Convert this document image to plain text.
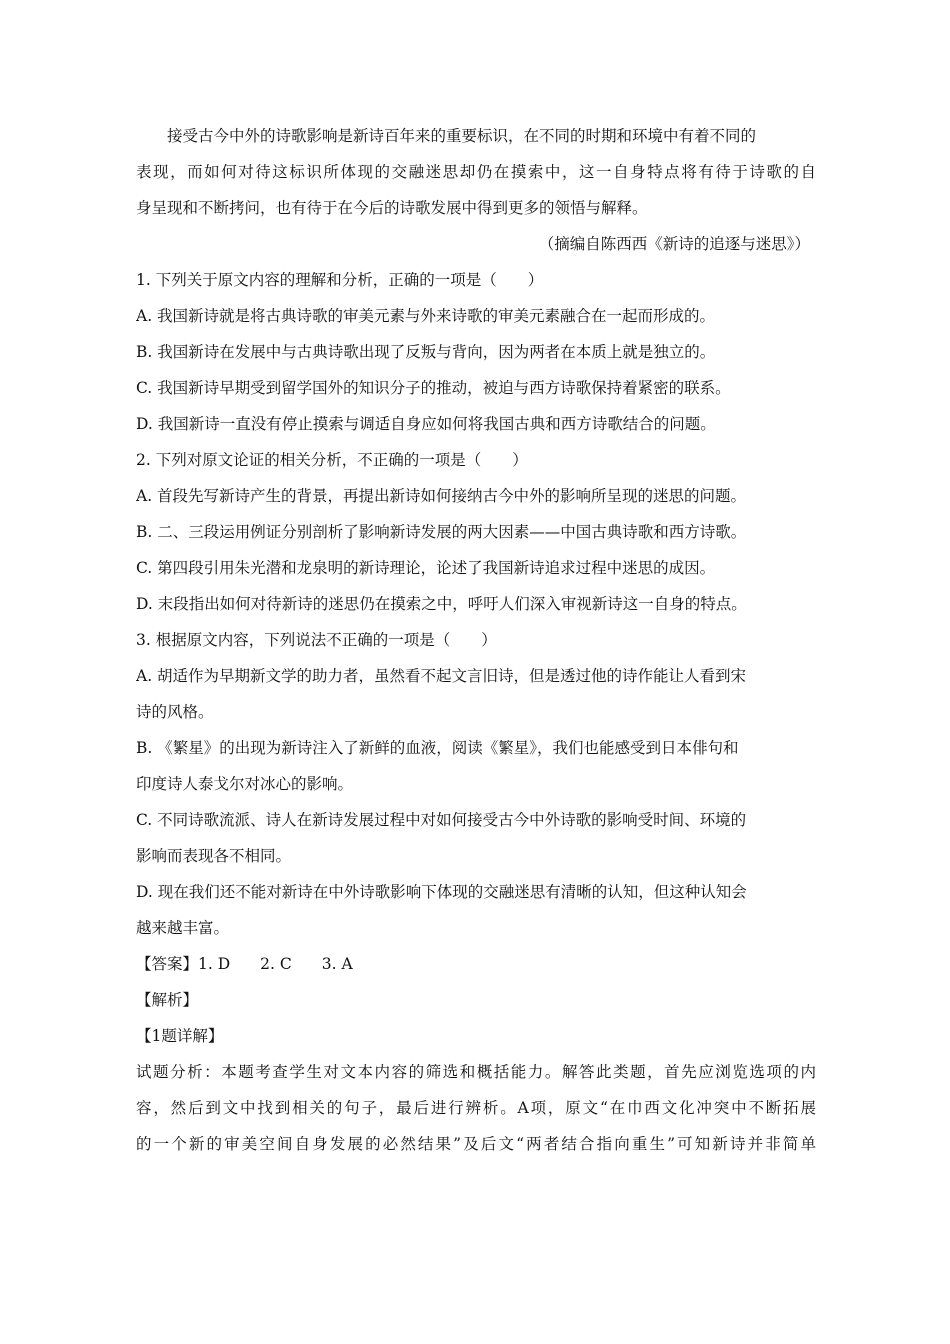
接受古今中外的诗歌影响是新诗百年来的重要标识，在不同的时期和环境中有着不同的
表现，而如何对待这标识所体现的交融迷思却仍在摸索中，这一自身特点将有待于诗歌的自
身呈现和不断拷问，也有待于在今后的诗歌发展中得到更多的领悟与解释。
（摘编自陈西西《新诗的追逐与迷思》）
1. 下列关于原文内容的理解和分析，正确的一项是（　　）
A. 我国新诗就是将古典诗歌的审美元素与外来诗歌的审美元素融合在一起而形成的。
B. 我国新诗在发展中与古典诗歌出现了反叛与背向，因为两者在本质上就是独立的。
C. 我国新诗早期受到留学国外的知识分子的推动，被迫与西方诗歌保持着紧密的联系。
D. 我国新诗一直没有停止摸索与调适自身应如何将我国古典和西方诗歌结合的问题。
2. 下列对原文论证的相关分析，不正确的一项是（　　）
A. 首段先写新诗产生的背景，再提出新诗如何接纳古今中外的影响所呈现的迷思的问题。
B. 二、三段运用例证分别剖析了影响新诗发展的两大因素——中国古典诗歌和西方诗歌。
C. 第四段引用朱光潜和龙泉明的新诗理论，论述了我国新诗追求过程中迷思的成因。
D. 末段指出如何对待新诗的迷思仍在摸索之中，呼吁人们深入审视新诗这一自身的特点。
3. 根据原文内容，下列说法不正确的一项是（　　）
A. 胡适作为早期新文学的助力者，虽然看不起文言旧诗，但是透过他的诗作能让人看到宋
诗的风格。
B. 《繁星》的出现为新诗注入了新鲜的血液，阅读《繁星》，我们也能感受到日本俳句和
印度诗人泰戈尔对冰心的影响。
C. 不同诗歌流派、诗人在新诗发展过程中对如何接受古今中外诗歌的影响受时间、环境的
影响而表现各不相同。
D. 现在我们还不能对新诗在中外诗歌影响下体现的交融迷思有清晰的认知，但这种认知会
越来越丰富。
【答案】1. D 2. C 3. A
【解析】
【1题详解】
试题分析：本题考查学生对文本内容的筛选和概括能力。解答此类题，首先应浏览选项的内
容，然后到文中找到相关的句子，最后进行辨析。A项，原文“在巾西文化冲突中不断拓展
的一个新的审美空间自身发展的必然结果”及后文“两者结合指向重生”可知新诗并非简单
